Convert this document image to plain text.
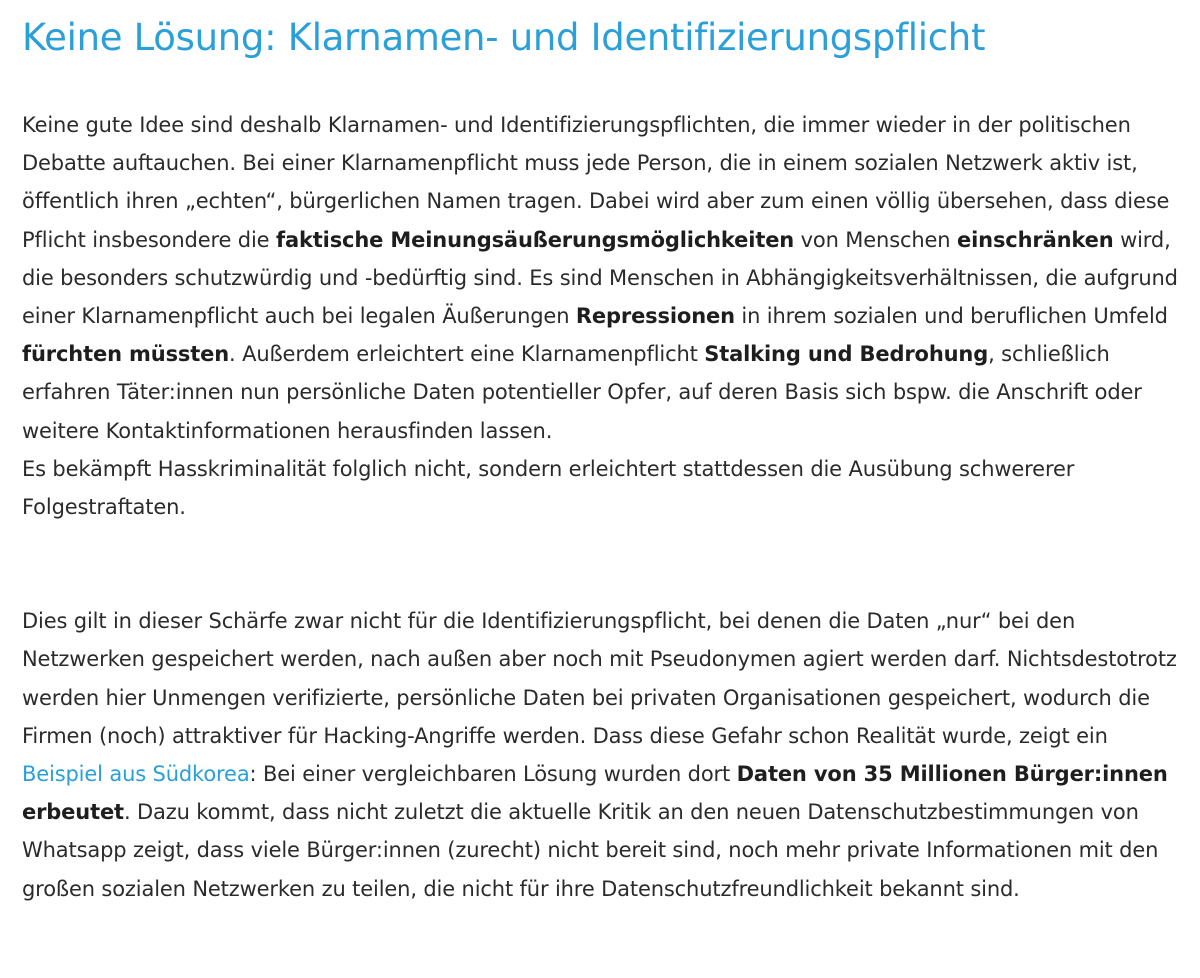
Keine Lösung: Klarnamen- und Identifizierungspflicht

Keine gute Idee sind deshalb Klarnamen- und Identifizierungspflichten, die immer wieder in der politischen Debatte auftauchen. Bei einer Klarnamenpflicht muss jede Person, die in einem sozialen Netzwerk aktiv ist, öffentlich ihren „echten“, bürgerlichen Namen tragen. Dabei wird aber zum einen völlig übersehen, dass diese Pflicht insbesondere die faktische Meinungsäußerungsmöglichkeiten von Menschen einschränken wird, die besonders schutzwürdig und -bedürftig sind. Es sind Menschen in Abhängigkeitsverhältnissen, die aufgrund einer Klarnamenpflicht auch bei legalen Äußerungen Repressionen in ihrem sozialen und beruflichen Umfeld fürchten müssten. Außerdem erleichtert eine Klarnamenpflicht Stalking und Bedrohung, schließlich erfahren Täter:innen nun persönliche Daten potentieller Opfer, auf deren Basis sich bspw. die Anschrift oder weitere Kontaktinformationen herausfinden lassen.
Es bekämpft Hasskriminalität folglich nicht, sondern erleichtert stattdessen die Ausübung schwererer Folgestraftaten.

Dies gilt in dieser Schärfe zwar nicht für die Identifizierungspflicht, bei denen die Daten „nur“ bei den Netzwerken gespeichert werden, nach außen aber noch mit Pseudonymen agiert werden darf. Nichtsdestotrotz werden hier Unmengen verifizierte, persönliche Daten bei privaten Organisationen gespeichert, wodurch die Firmen (noch) attraktiver für Hacking-Angriffe werden. Dass diese Gefahr schon Realität wurde, zeigt ein Beispiel aus Südkorea: Bei einer vergleichbaren Lösung wurden dort Daten von 35 Millionen Bürger:innen erbeutet. Dazu kommt, dass nicht zuletzt die aktuelle Kritik an den neuen Datenschutzbestimmungen von Whatsapp zeigt, dass viele Bürger:innen (zurecht) nicht bereit sind, noch mehr private Informationen mit den großen sozialen Netzwerken zu teilen, die nicht für ihre Datenschutzfreundlichkeit bekannt sind.
